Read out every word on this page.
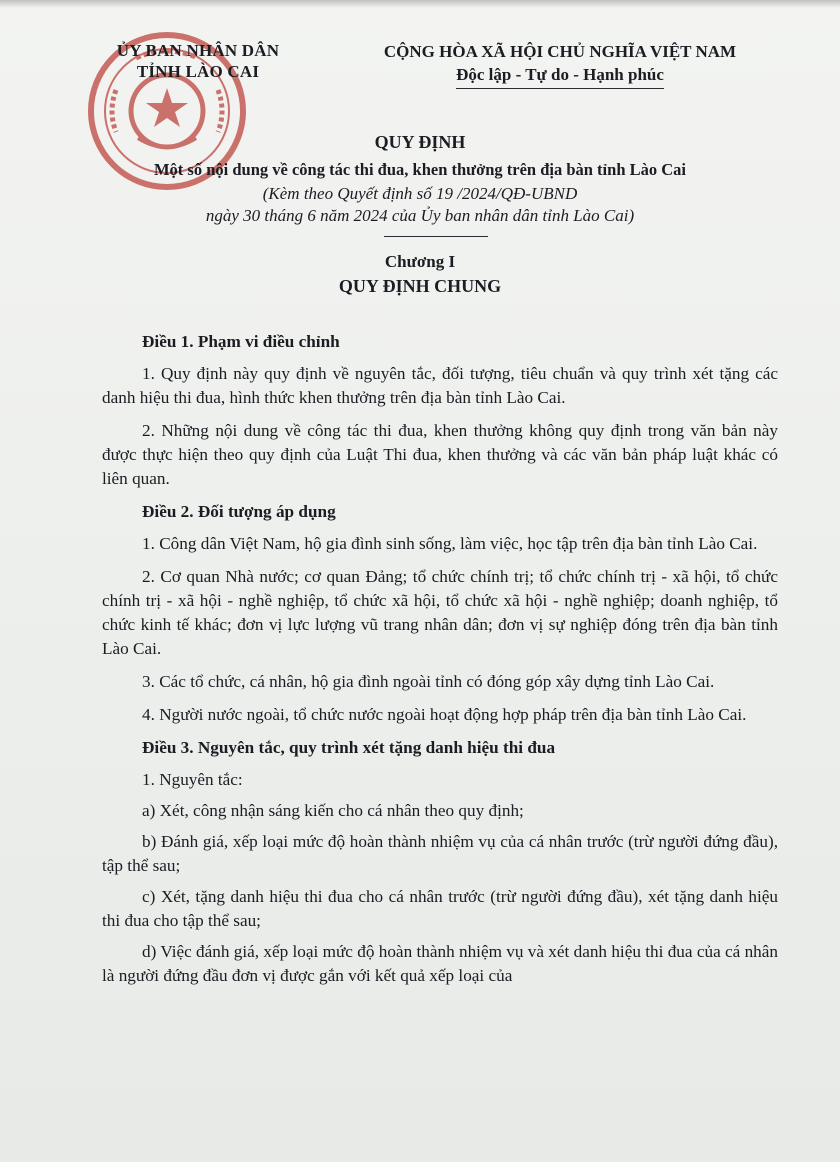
ỦY BAN NHÂN DÂN
TỈNH LÀO CAI
CỘNG HÒA XÃ HỘI CHỦ NGHĨA VIỆT NAM
Độc lập - Tự do - Hạnh phúc
QUY ĐỊNH
Một số nội dung về công tác thi đua, khen thưởng trên địa bàn tỉnh Lào Cai
(Kèm theo Quyết định số 19 /2024/QĐ-UBND
ngày 30 tháng 6 năm 2024 của Ủy ban nhân dân tỉnh Lào Cai)
Chương I
QUY ĐỊNH CHUNG

Điều 1. Phạm vi điều chỉnh

1. Quy định này quy định về nguyên tắc, đối tượng, tiêu chuẩn và quy trình xét tặng các danh hiệu thi đua, hình thức khen thưởng trên địa bàn tỉnh Lào Cai.

2. Những nội dung về công tác thi đua, khen thưởng không quy định trong văn bản này được thực hiện theo quy định của Luật Thi đua, khen thưởng và các văn bản pháp luật khác có liên quan.

Điều 2. Đối tượng áp dụng

1. Công dân Việt Nam, hộ gia đình sinh sống, làm việc, học tập trên địa bàn tỉnh Lào Cai.

2. Cơ quan Nhà nước; cơ quan Đảng; tổ chức chính trị; tổ chức chính trị - xã hội, tổ chức chính trị - xã hội - nghề nghiệp, tổ chức xã hội, tổ chức xã hội - nghề nghiệp; doanh nghiệp, tổ chức kinh tế khác; đơn vị lực lượng vũ trang nhân dân; đơn vị sự nghiệp đóng trên địa bàn tỉnh Lào Cai.

3. Các tổ chức, cá nhân, hộ gia đình ngoài tỉnh có đóng góp xây dựng tỉnh Lào Cai.

4. Người nước ngoài, tổ chức nước ngoài hoạt động hợp pháp trên địa bàn tỉnh Lào Cai.

Điều 3. Nguyên tắc, quy trình xét tặng danh hiệu thi đua

1. Nguyên tắc:

a) Xét, công nhận sáng kiến cho cá nhân theo quy định;

b) Đánh giá, xếp loại mức độ hoàn thành nhiệm vụ của cá nhân trước (trừ người đứng đầu), tập thể sau;

c) Xét, tặng danh hiệu thi đua cho cá nhân trước (trừ người đứng đầu), xét tặng danh hiệu thi đua cho tập thể sau;

d) Việc đánh giá, xếp loại mức độ hoàn thành nhiệm vụ và xét danh hiệu thi đua của cá nhân là người đứng đầu đơn vị được gắn với kết quả xếp loại của
